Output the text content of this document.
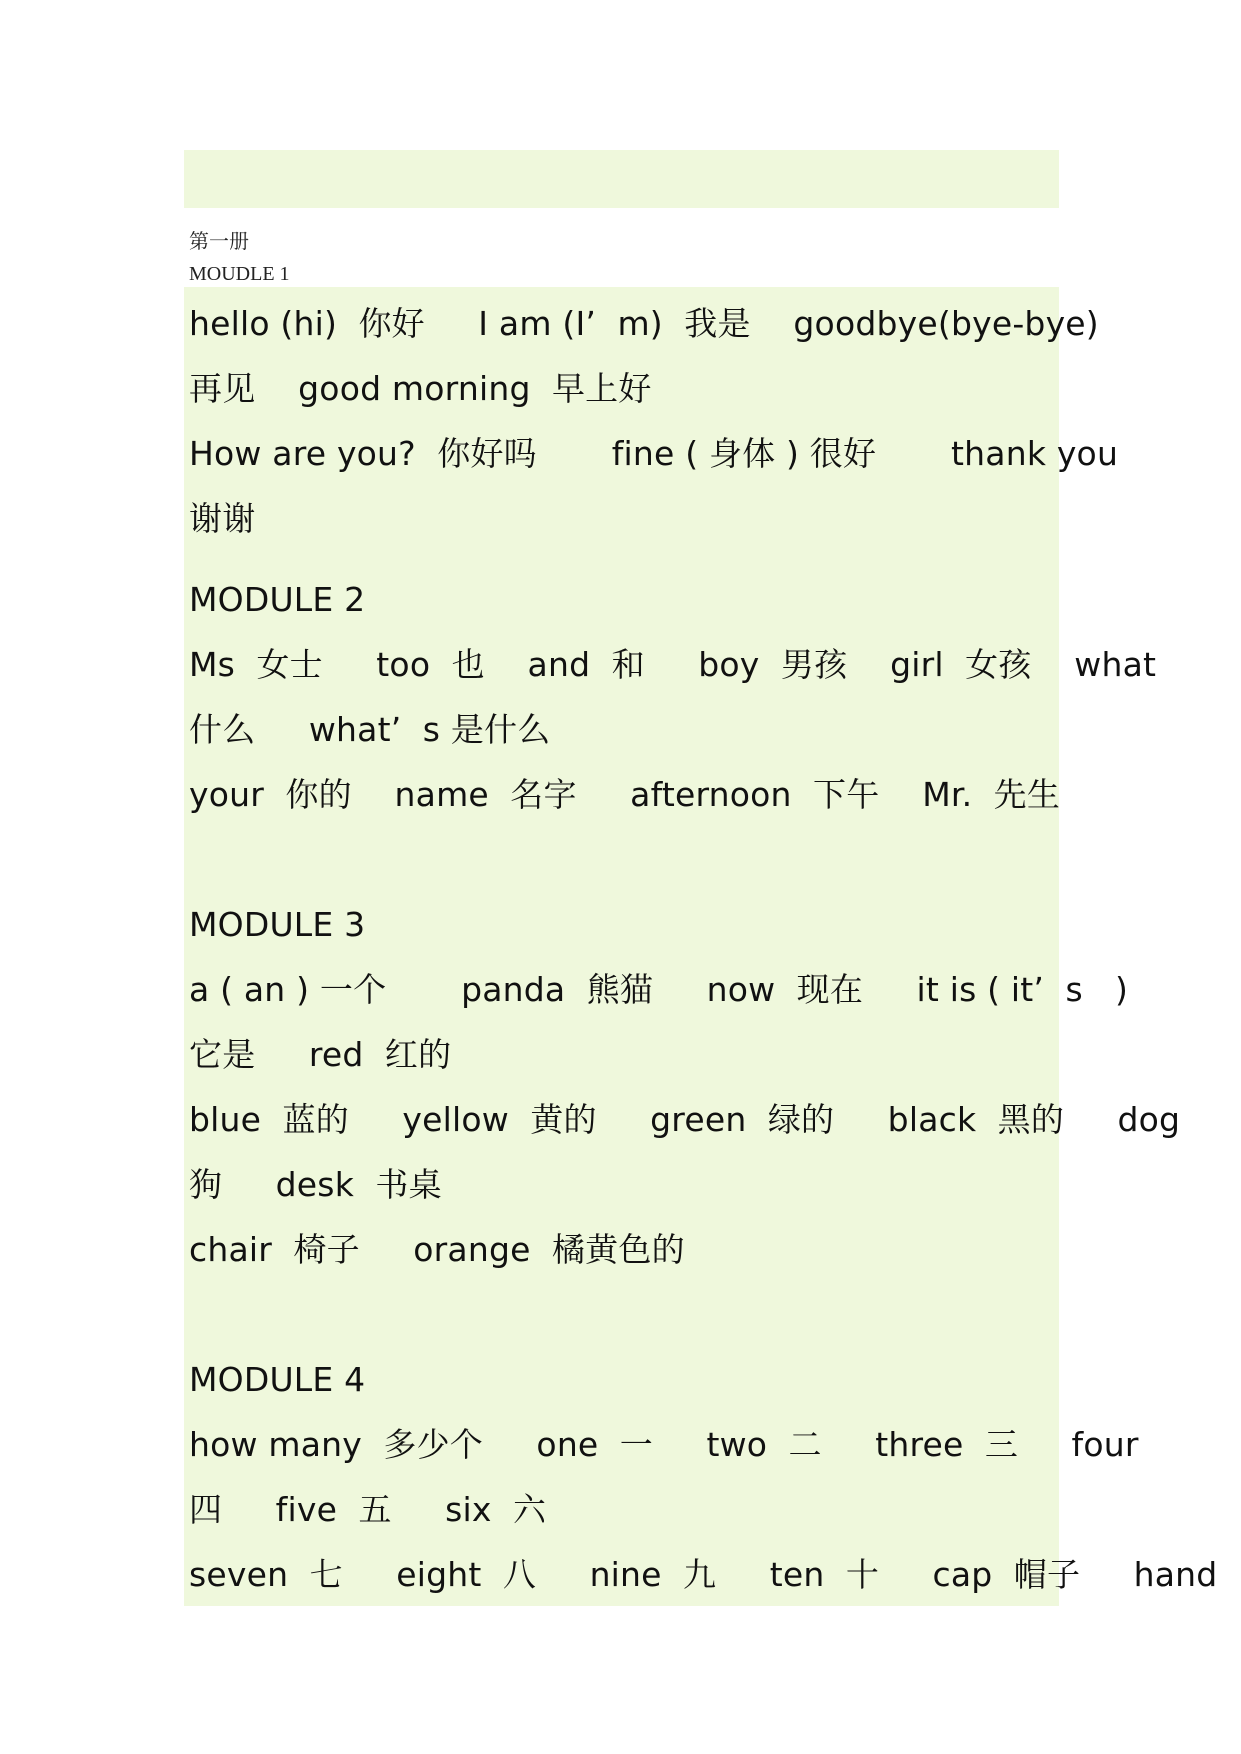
第一册
MOUDLE 1
hello (hi)  你好     I am (I’  m)  我是    goodbye(bye-bye)
再见    good morning  早上好
How are you?  你好吗       fine ( 身体 ) 很好       thank you
谢谢
MODULE 2
Ms  女士     too  也    and  和     boy  男孩    girl  女孩    what
什么     what’  s 是什么
your  你的    name  名字     afternoon  下午    Mr.  先生
MODULE 3
a ( an ) 一个       panda  熊猫     now  现在     it is ( it’  s   )
它是     red  红的
blue  蓝的     yellow  黄的     green  绿的     black  黑的     dog
狗     desk  书桌
chair  椅子     orange  橘黄色的
MODULE 4
how many  多少个     one  一     two  二     three  三     four
四     five  五     six  六
seven  七     eight  八     nine  九     ten  十     cap  帽子     hand
